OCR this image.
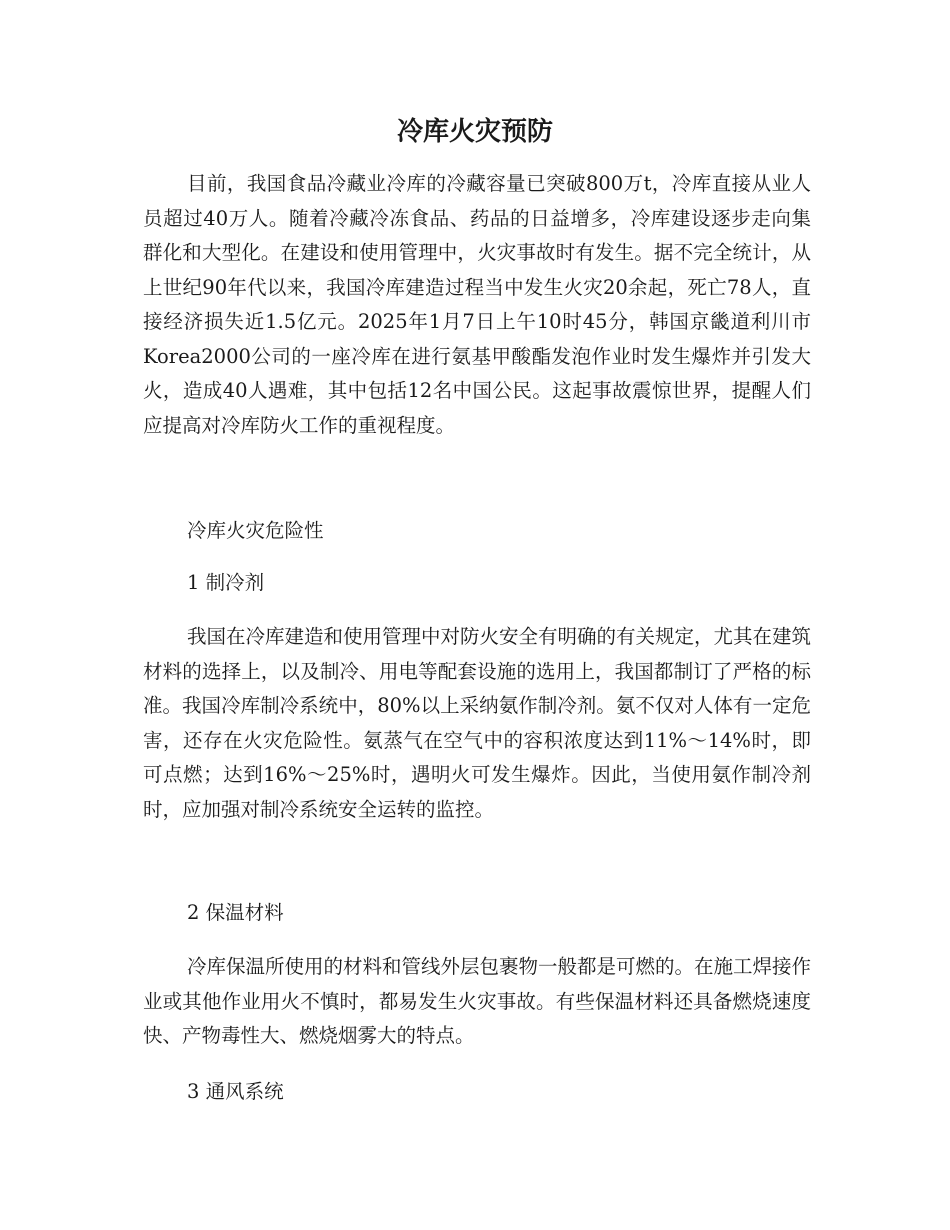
冷库火灾预防

目前，我国食品冷藏业冷库的冷藏容量已突破800万t，冷库直接从业人员超过40万人。随着冷藏冷冻食品、药品的日益增多，冷库建设逐步走向集群化和大型化。在建设和使用管理中，火灾事故时有发生。据不完全统计，从上世纪90年代以来，我国冷库建造过程当中发生火灾20余起，死亡78人，直接经济损失近1.5亿元。2025年1月7日上午10时45分，韩国京畿道利川市Korea2000公司的一座冷库在进行氨基甲酸酯发泡作业时发生爆炸并引发大火，造成40人遇难，其中包括12名中国公民。这起事故震惊世界，提醒人们应提高对冷库防火工作的重视程度。

冷库火灾危险性

1 制冷剂

我国在冷库建造和使用管理中对防火安全有明确的有关规定，尤其在建筑材料的选择上，以及制冷、用电等配套设施的选用上，我国都制订了严格的标准。我国冷库制冷系统中，80%以上采纳氨作制冷剂。氨不仅对人体有一定危害，还存在火灾危险性。氨蒸气在空气中的容积浓度达到11%～14%时，即可点燃；达到16%～25%时，遇明火可发生爆炸。因此，当使用氨作制冷剂时，应加强对制冷系统安全运转的监控。

2 保温材料

冷库保温所使用的材料和管线外层包裹物一般都是可燃的。在施工焊接作业或其他作业用火不慎时，都易发生火灾事故。有些保温材料还具备燃烧速度快、产物毒性大、燃烧烟雾大的特点。

3 通风系统
